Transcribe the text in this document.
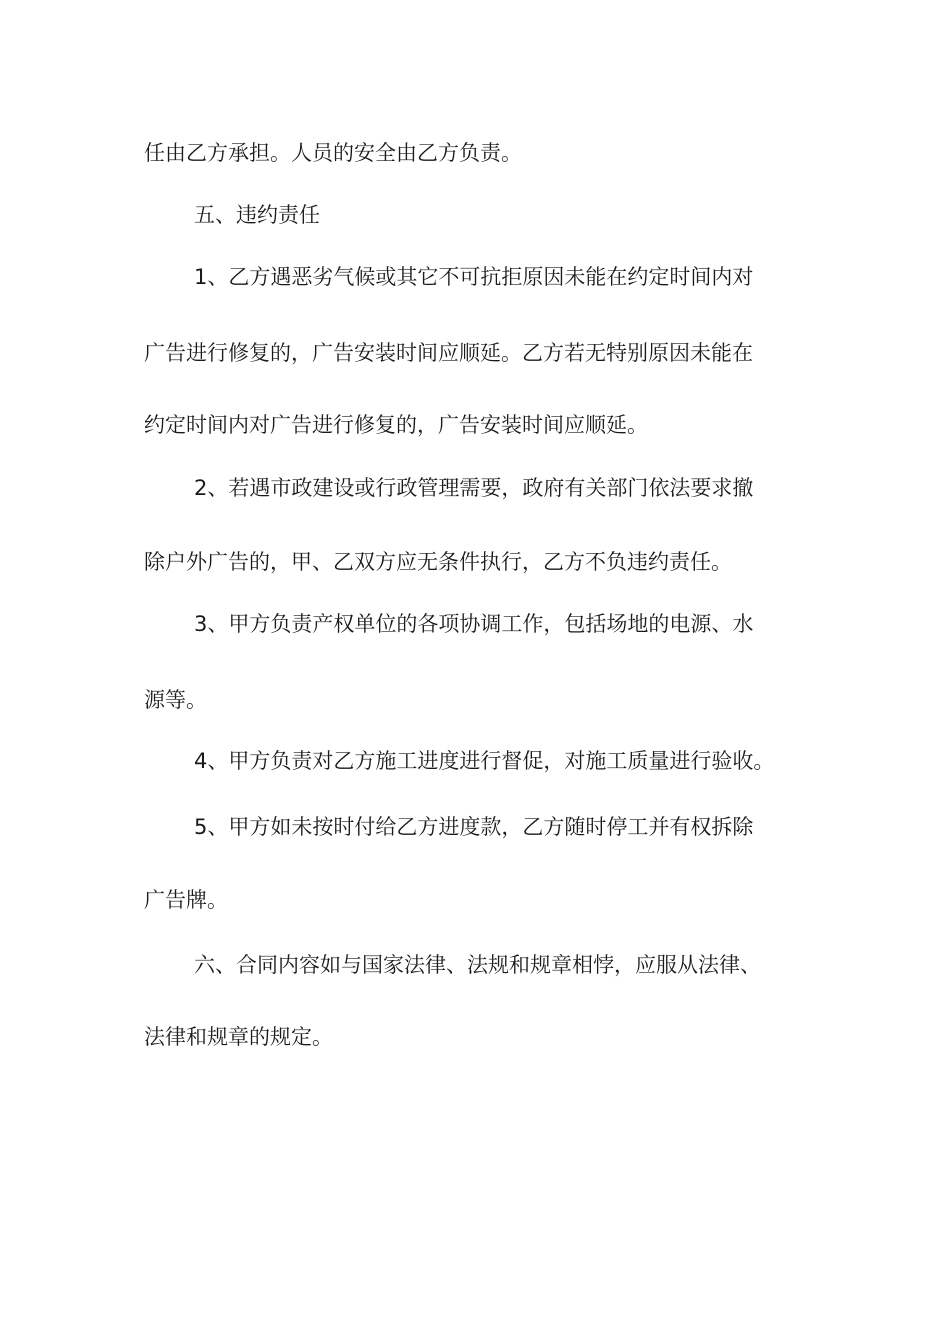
任由乙方承担。人员的安全由乙方负责。
五、违约责任
1、乙方遇恶劣气候或其它不可抗拒原因未能在约定时间内对
广告进行修复的，广告安装时间应顺延。乙方若无特别原因未能在
约定时间内对广告进行修复的，广告安装时间应顺延。
2、若遇市政建设或行政管理需要，政府有关部门依法要求撤
除户外广告的，甲、乙双方应无条件执行，乙方不负违约责任。
3、甲方负责产权单位的各项协调工作，包括场地的电源、水
源等。
4、甲方负责对乙方施工进度进行督促，对施工质量进行验收。
5、甲方如未按时付给乙方进度款，乙方随时停工并有权拆除
广告牌。
六、合同内容如与国家法律、法规和规章相悖，应服从法律、
法律和规章的规定。
